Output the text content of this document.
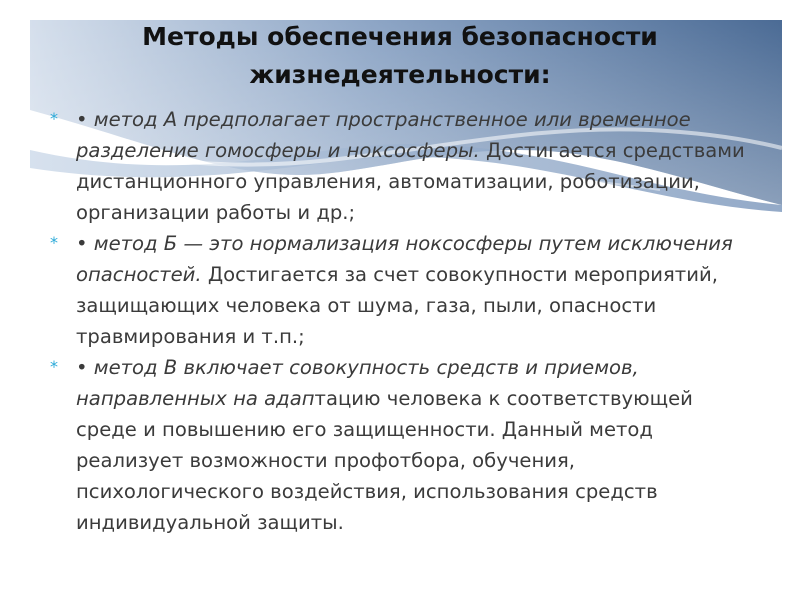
Методы обеспечения безопасности жизнедеятельности:
* • метод А предполагает пространственное или временное разделение гомосферы и ноксосферы. Достигается средствами дистанционного управления, автоматизации, роботизации, организации работы и др.;
* • метод Б — это нормализация ноксосферы путем исключения опасностей. Достигается за счет совокупности мероприятий, защищающих человека от шума, газа, пыли, опасности травмирования и т.п.;
* • метод В включает совокупность средств и приемов, направленных на адаптацию человека к соответствующей среде и повышению его защищенности. Данный метод реализует возможности профотбора, обучения, психологического воздействия, использования средств индивидуальной защиты.
